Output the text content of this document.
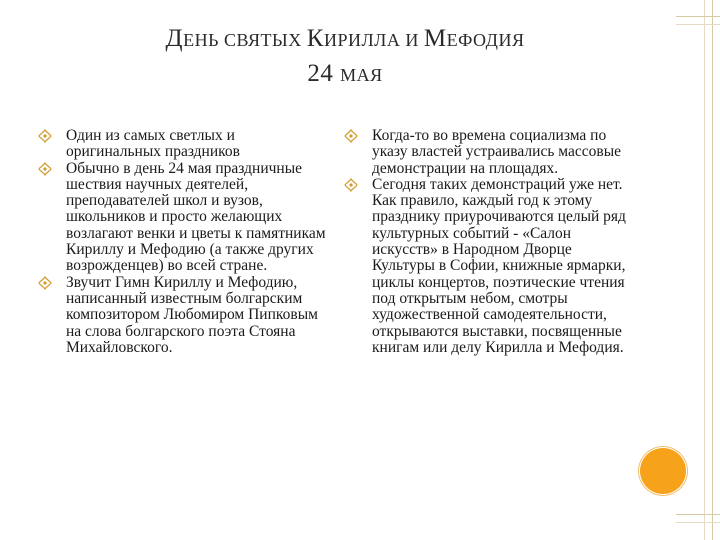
ДЕНЬ СВЯТЫХ КИРИЛЛА И МЕФОДИЯ
24 МАЯ
Один из самых светлых и оригинальных праздников
Обычно в день 24 мая праздничные шествия научных деятелей, преподавателей школ и вузов, школьников и просто желающих возлагают венки и цветы к памятникам Кириллу и Мефодию (а также других возрожденцев) во всей стране.
Звучит Гимн Кириллу и Мефодию, написанный известным болгарским композитором Любомиром Пипковым на слова болгарского поэта Стояна Михайловского.
Когда-то во времена социализма по указу властей устраивались массовые демонстрации на площадях.
Сегодня таких демонстраций уже нет. Как правило, каждый год к этому празднику приурочиваются целый ряд культурных событий - «Салон искусств» в Народном Дворце Культуры в Софии, книжные ярмарки, циклы концертов, поэтические чтения под открытым небом, смотры художественной самодеятельности, открываются выставки, посвященные книгам или делу Кирилла и Мефодия.
